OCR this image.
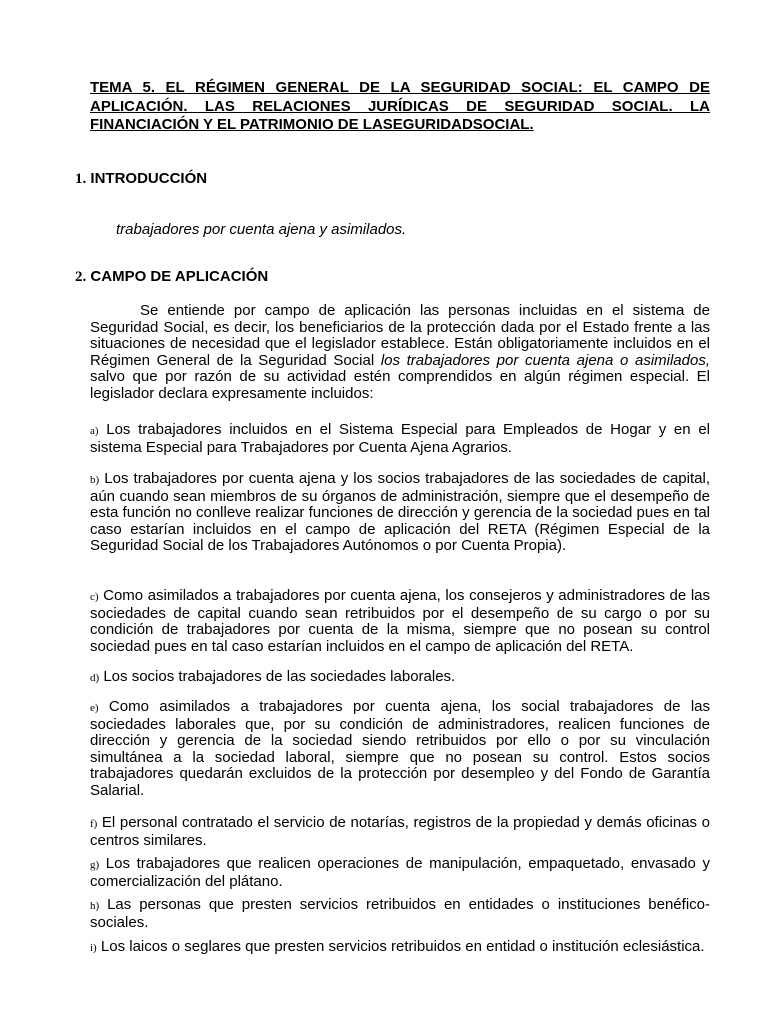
TEMA 5. EL RÉGIMEN GENERAL DE LA SEGURIDAD SOCIAL: EL CAMPO DE APLICACIÓN. LAS RELACIONES JURÍDICAS DE SEGURIDAD SOCIAL. LA
FINANCIACIÓN Y EL PATRIMONIO DE LASEGURIDADSOCIAL.
1. INTRODUCCIÓN
trabajadores por cuenta ajena y asimilados.
2. CAMPO DE APLICACIÓN
Se entiende por campo de aplicación las personas incluidas en el sistema de Seguridad Social, es decir, los beneficiarios de la protección dada por el Estado frente a las situaciones de necesidad que el legislador establece. Están obligatoriamente incluidos en el Régimen General de la Seguridad Social los trabajadores por cuenta ajena o asimilados, salvo que por razón de su actividad estén comprendidos en algún régimen especial. El legislador declara expresamente incluidos:
a) Los trabajadores incluidos en el Sistema Especial para Empleados de Hogar y en el sistema Especial para Trabajadores por Cuenta Ajena Agrarios.
b) Los trabajadores por cuenta ajena y los socios trabajadores de las sociedades de capital, aún cuando sean miembros de su órganos de administración, siempre que el desempeño de esta función no conlleve realizar funciones de dirección y gerencia de la sociedad pues en tal caso estarían incluidos en el campo de aplicación del RETA (Régimen Especial de la Seguridad Social de los Trabajadores Autónomos o por Cuenta Propia).
c) Como asimilados a trabajadores por cuenta ajena, los consejeros y administradores de las sociedades de capital cuando sean retribuidos por el desempeño de su cargo o por su condición de trabajadores por cuenta de la misma, siempre que no posean su control sociedad pues en tal caso estarían incluidos en el campo de aplicación del RETA.
d) Los socios trabajadores de las sociedades laborales.
e) Como asimilados a trabajadores por cuenta ajena, los social trabajadores de las sociedades laborales que, por su condición de administradores, realicen funciones de dirección y gerencia de la sociedad siendo retribuidos por ello o por su vinculación simultánea a la sociedad laboral, siempre que no posean su control. Estos socios trabajadores quedarán excluidos de la protección por desempleo y del Fondo de Garantía Salarial.
f) El personal contratado el servicio de notarías, registros de la propiedad y demás oficinas o centros similares.
g) Los trabajadores que realicen operaciones de manipulación, empaquetado, envasado y comercialización del plátano.
h) Las personas que presten servicios retribuidos en entidades o instituciones benéfico-sociales.
i) Los laicos o seglares que presten servicios retribuidos en entidad o institución eclesiástica.
